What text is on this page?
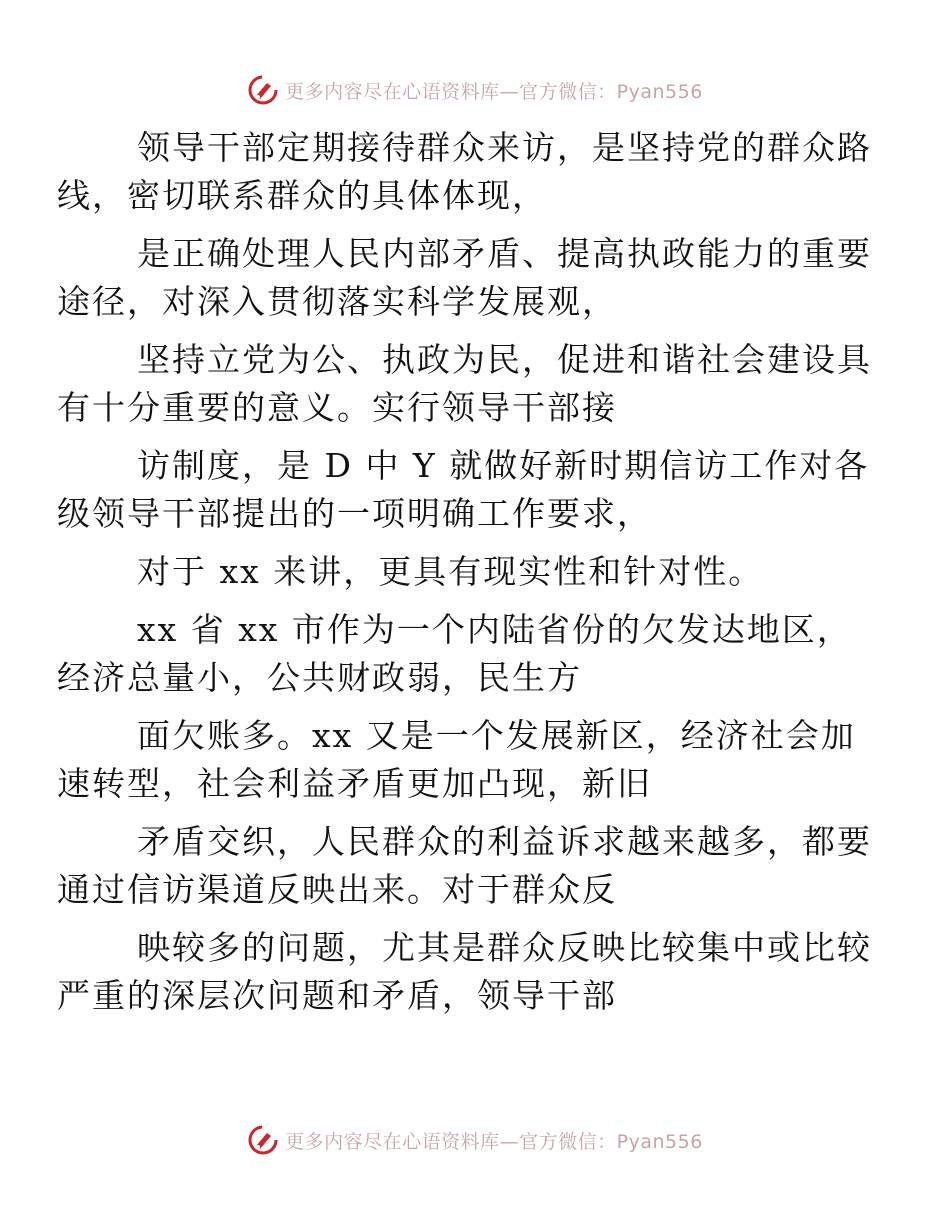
更多内容尽在心语资料库—官方微信：Pyan556

领导干部定期接待群众来访，是坚持党的群众路
线，密切联系群众的具体体现，

是正确处理人民内部矛盾、提高执政能力的重要
途径，对深入贯彻落实科学发展观，

坚持立党为公、执政为民，促进和谐社会建设具
有十分重要的意义。实行领导干部接

访制度，是 D 中 Y 就做好新时期信访工作对各
级领导干部提出的一项明确工作要求，

对于 xx 来讲，更具有现实性和针对性。

xx 省 xx 市作为一个内陆省份的欠发达地区，
经济总量小，公共财政弱，民生方

面欠账多。xx 又是一个发展新区，经济社会加
速转型，社会利益矛盾更加凸现，新旧

矛盾交织，人民群众的利益诉求越来越多，都要
通过信访渠道反映出来。对于群众反

映较多的问题，尤其是群众反映比较集中或比较
严重的深层次问题和矛盾，领导干部

更多内容尽在心语资料库—官方微信：Pyan556
